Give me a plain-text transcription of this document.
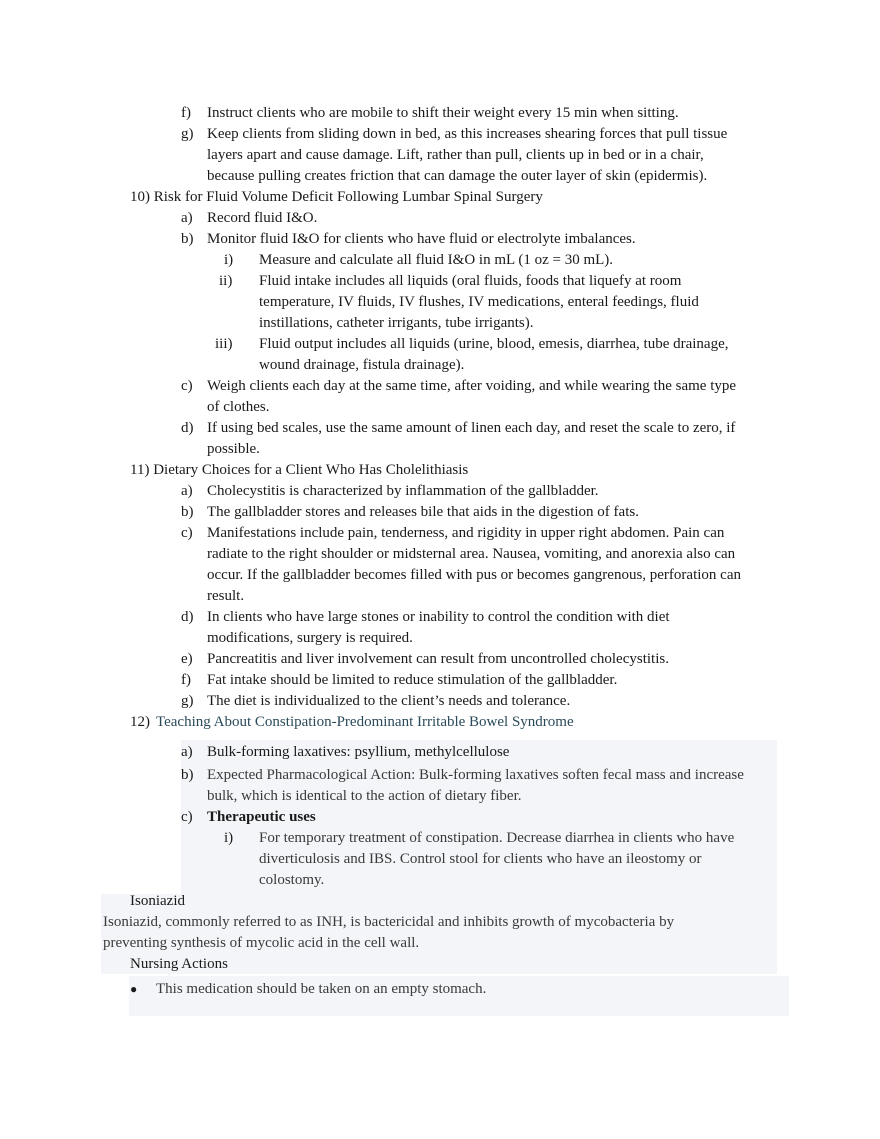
f) Instruct clients who are mobile to shift their weight every 15 min when sitting.
g) Keep clients from sliding down in bed, as this increases shearing forces that pull tissue
layers apart and cause damage. Lift, rather than pull, clients up in bed or in a chair,
because pulling creates friction that can damage the outer layer of skin (epidermis).
10) Risk for Fluid Volume Deficit Following Lumbar Spinal Surgery
a) Record fluid I&O.
b) Monitor fluid I&O for clients who have fluid or electrolyte imbalances.
i) Measure and calculate all fluid I&O in mL (1 oz = 30 mL).
ii) Fluid intake includes all liquids (oral fluids, foods that liquefy at room
temperature, IV fluids, IV flushes, IV medications, enteral feedings, fluid
instillations, catheter irrigants, tube irrigants).
iii) Fluid output includes all liquids (urine, blood, emesis, diarrhea, tube drainage,
wound drainage, fistula drainage).
c) Weigh clients each day at the same time, after voiding, and while wearing the same type
of clothes.
d) If using bed scales, use the same amount of linen each day, and reset the scale to zero, if
possible.
11) Dietary Choices for a Client Who Has Cholelithiasis
a) Cholecystitis is characterized by inflammation of the gallbladder.
b) The gallbladder stores and releases bile that aids in the digestion of fats.
c) Manifestations include pain, tenderness, and rigidity in upper right abdomen. Pain can
radiate to the right shoulder or midsternal area. Nausea, vomiting, and anorexia also can
occur. If the gallbladder becomes filled with pus or becomes gangrenous, perforation can
result.
d) In clients who have large stones or inability to control the condition with diet
modifications, surgery is required.
e) Pancreatitis and liver involvement can result from uncontrolled cholecystitis.
f) Fat intake should be limited to reduce stimulation of the gallbladder.
g) The diet is individualized to the client’s needs and tolerance.
12) Teaching About Constipation-Predominant Irritable Bowel Syndrome
a) Bulk-forming laxatives: psyllium, methylcellulose
b) Expected Pharmacological Action: Bulk-forming laxatives soften fecal mass and increase
bulk, which is identical to the action of dietary fiber.
c) Therapeutic uses
i) For temporary treatment of constipation. Decrease diarrhea in clients who have
diverticulosis and IBS. Control stool for clients who have an ileostomy or
colostomy.
Isoniazid
Isoniazid, commonly referred to as INH, is bactericidal and inhibits growth of mycobacteria by
preventing synthesis of mycolic acid in the cell wall.
Nursing Actions
● This medication should be taken on an empty stomach.
